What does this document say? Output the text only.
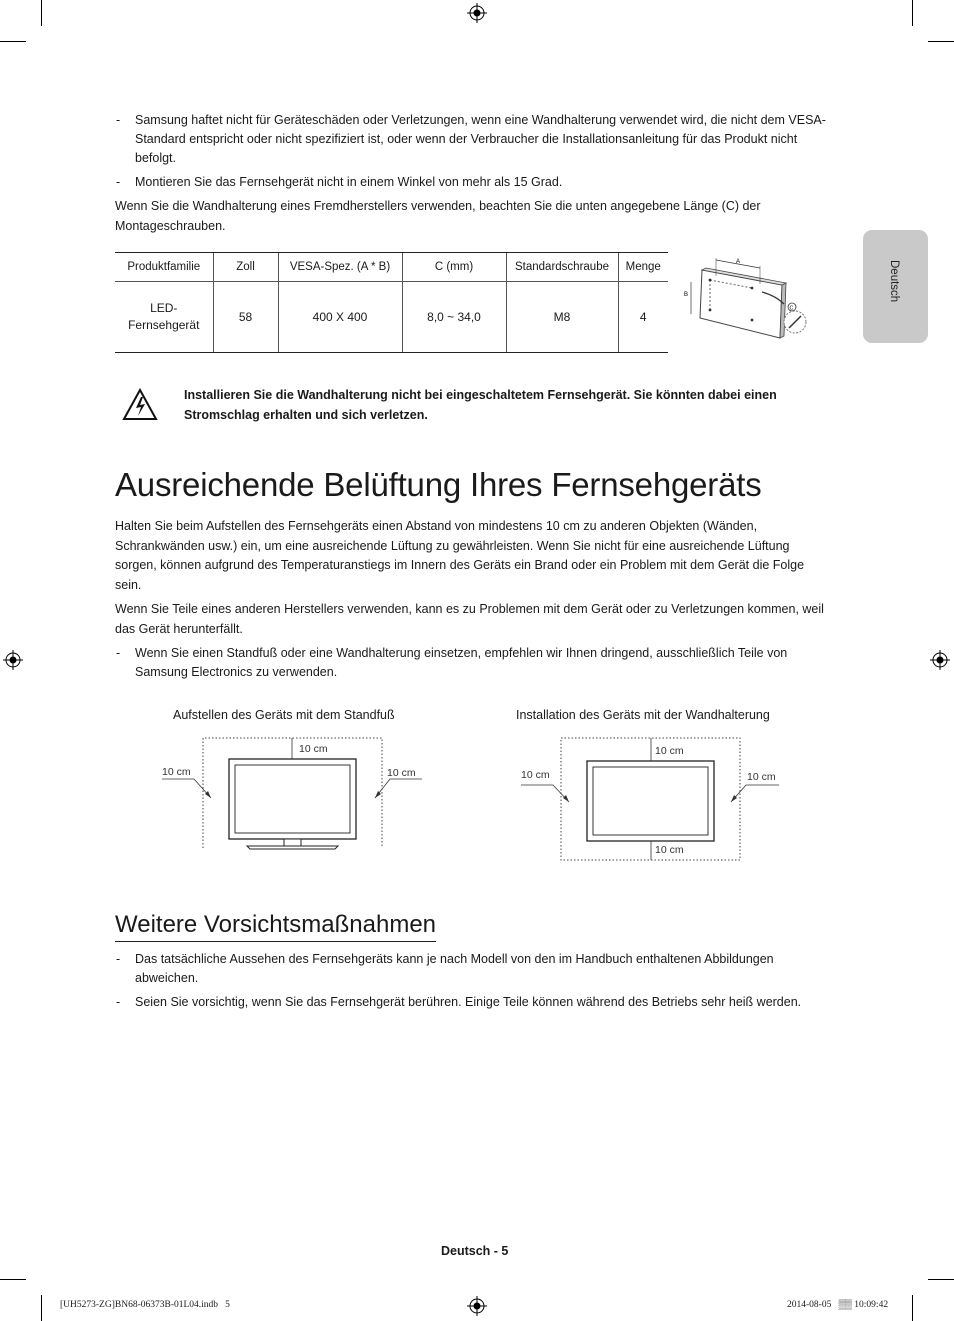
Deutsch
-	Samsung haftet nicht für Geräteschäden oder Verletzungen, wenn eine Wandhalterung verwendet wird, die nicht dem VESA-Standard entspricht oder nicht spezifiziert ist, oder wenn der Verbraucher die Installationsanleitung für das Produkt nicht befolgt.
-	Montieren Sie das Fernsehgerät nicht in einem Winkel von mehr als 15 Grad.
Wenn Sie die Wandhalterung eines Fremdherstellers verwenden, beachten Sie die unten angegebene Länge (C) der Montageschrauben.
Produktfamilie	Zoll	VESA-Spez. (A * B)	C (mm)	Standardschraube	Menge
LED-
Fernsehgerät	58	400 X 400	8,0 ~ 34,0	M8	4
A
B
C
Installieren Sie die Wandhalterung nicht bei eingeschaltetem Fernsehgerät. Sie könnten dabei einen Stromschlag erhalten und sich verletzen.
Ausreichende Belüftung Ihres Fernsehgeräts
Halten Sie beim Aufstellen des Fernsehgeräts einen Abstand von mindestens 10 cm zu anderen Objekten (Wänden, Schrankwänden usw.) ein, um eine ausreichende Lüftung zu gewährleisten. Wenn Sie nicht für eine ausreichende Lüftung sorgen, können aufgrund des Temperaturanstiegs im Innern des Geräts ein Brand oder ein Problem mit dem Gerät die Folge sein.
Wenn Sie Teile eines anderen Herstellers verwenden, kann es zu Problemen mit dem Gerät oder zu Verletzungen kommen, weil das Gerät herunterfällt.
-	Wenn Sie einen Standfuß oder eine Wandhalterung einsetzen, empfehlen wir Ihnen dringend, ausschließlich Teile von Samsung Electronics zu verwenden.
Aufstellen des Geräts mit dem Standfuß	Installation des Geräts mit der Wandhalterung
10 cm
10 cm	10 cm
10 cm
10 cm	10 cm
10 cm
Weitere Vorsichtsmaßnahmen
-	Das tatsächliche Aussehen des Fernsehgeräts kann je nach Modell von den im Handbuch enthaltenen Abbildungen abweichen.
-	Seien Sie vorsichtig, wenn Sie das Fernsehgerät berühren. Einige Teile können während des Betriebs sehr heiß werden.
Deutsch - 5
[UH5273-ZG]BN68-06373B-01L04.indb   5	2014-08-05   ▒▒ 10:09:42
